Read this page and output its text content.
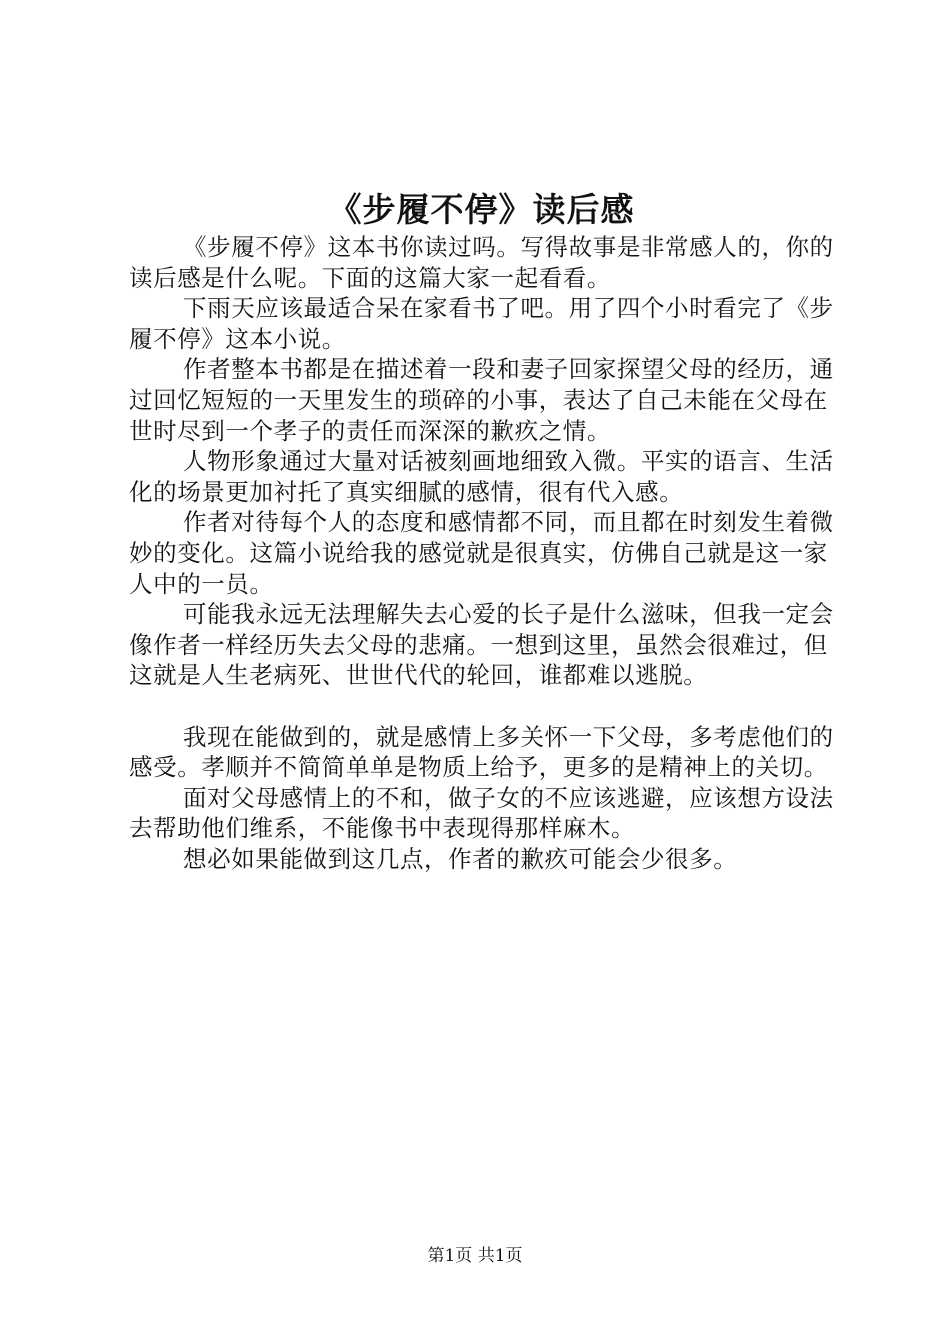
《步履不停》读后感

《步履不停》这本书你读过吗。写得故事是非常感人的，你的读后感是什么呢。下面的这篇大家一起看看。

下雨天应该最适合呆在家看书了吧。用了四个小时看完了《步履不停》这本小说。

作者整本书都是在描述着一段和妻子回家探望父母的经历，通过回忆短短的一天里发生的琐碎的小事，表达了自己未能在父母在世时尽到一个孝子的责任而深深的歉疚之情。

人物形象通过大量对话被刻画地细致入微。平实的语言、生活化的场景更加衬托了真实细腻的感情，很有代入感。

作者对待每个人的态度和感情都不同，而且都在时刻发生着微妙的变化。这篇小说给我的感觉就是很真实，仿佛自己就是这一家人中的一员。

可能我永远无法理解失去心爱的长子是什么滋味，但我一定会像作者一样经历失去父母的悲痛。一想到这里，虽然会很难过，但这就是人生老病死、世世代代的轮回，谁都难以逃脱。

我现在能做到的，就是感情上多关怀一下父母，多考虑他们的感受。孝顺并不简简单单是物质上给予，更多的是精神上的关切。

面对父母感情上的不和，做子女的不应该逃避，应该想方设法去帮助他们维系，不能像书中表现得那样麻木。

想必如果能做到这几点，作者的歉疚可能会少很多。

第1页 共1页
